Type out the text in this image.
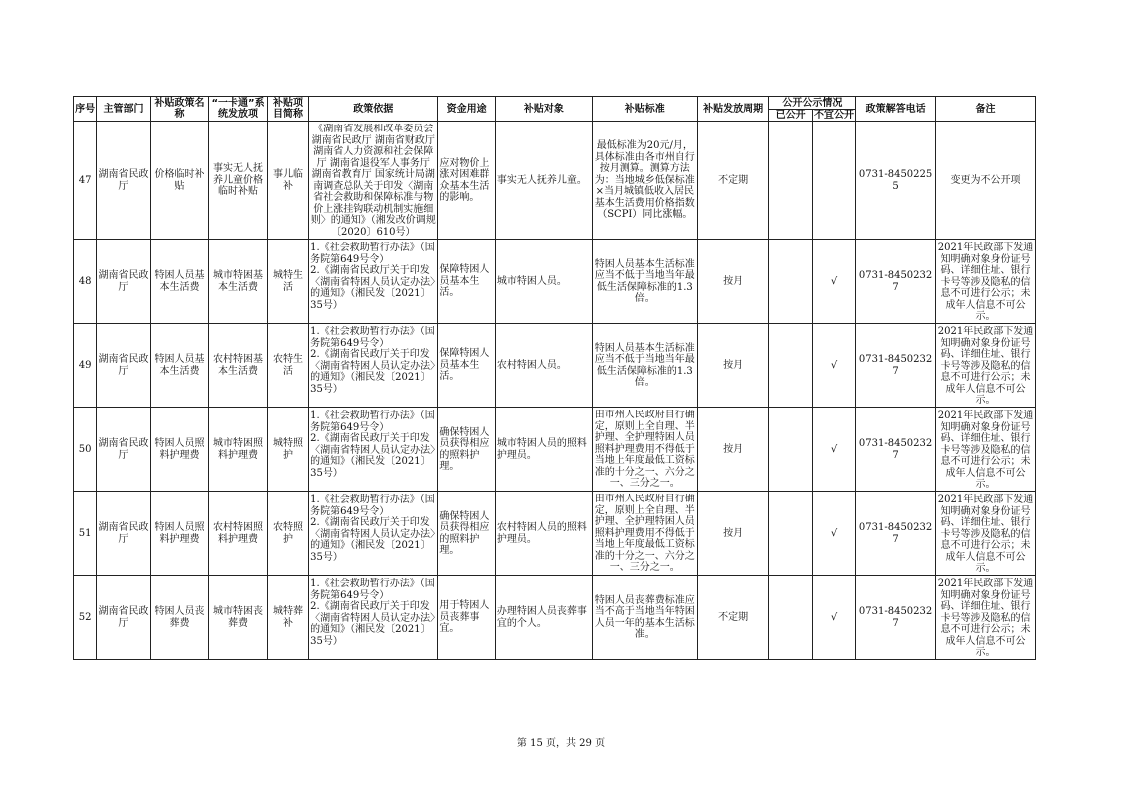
序号	主管部门	补贴政策名称	“一卡通”系统发放项	补贴项目简称	政策依据	资金用途	补贴对象	补贴标准	补贴发放周期	公开公示情况		政策解答电话	备注
										已公开	不宜公开		
47	湖南省民政厅	价格临时补贴	事实无人抚养儿童价格临时补贴	事儿临补	《湖南省发展和改革委员会 湖南省民政厅 湖南省财政厅 湖南省人力资源和社会保障厅 湖南省退役军人事务厅 湖南省教育厅 国家统计局湖南调查总队关于印发〈湖南省社会救助和保障标准与物价上涨挂钩联动机制实施细则〉的通知》（湘发改价调规〔2020〕610号）	应对物价上涨对困难群众基本生活的影响。	事实无人抚养儿童。	最低标准为20元/月，具体标准由各市州自行按月测算。测算方法为：当地城乡低保标准×当月城镇低收入居民基本生活费用价格指数（SCPI）同比涨幅。	不定期			0731-84502255	变更为不公开项
48	湖南省民政厅	特困人员基本生活费	城市特困基本生活费	城特生活	1.《社会救助暂行办法》（国务院第649号令）
2.《湖南省民政厅关于印发〈湖南省特困人员认定办法〉的通知》（湘民发〔2021〕35号）	保障特困人员基本生活。	城市特困人员。	特困人员基本生活标准应当不低于当地当年最低生活保障标准的1.3倍。	按月		√	0731-84502327	2021年民政部下发通知明确对象身份证号码、详细住址、银行卡号等涉及隐私的信息不可进行公示；未成年人信息不可公示。

49	湖南省民政厅	特困人员基本生活费	农村特困基本生活费	农特生活	1.《社会救助暂行办法》（国务院第649号令）
2.《湖南省民政厅关于印发〈湖南省特困人员认定办法〉的通知》（湘民发〔2021〕35号）	保障特困人员基本生活。	农村特困人员。	特困人员基本生活标准应当不低于当地当年最低生活保障标准的1.3倍。	按月		√	0731-84502327	2021年民政部下发通知明确对象身份证号码、详细住址、银行卡号等涉及隐私的信息不可进行公示；未成年人信息不可公示。

50	湖南省民政厅	特困人员照料护理费	城市特困照料护理费	城特照护	1.《社会救助暂行办法》（国务院第649号令）
2.《湖南省民政厅关于印发〈湖南省特困人员认定办法〉的通知》（湘民发〔2021〕35号）	确保特困人员获得相应的照料护理。	城市特困人员的照料护理员。	由市州人民政府自行确定，原则上全自理、半护理、全护理特困人员照料护理费用不得低于当地上年度最低工资标准的十分之一、六分之一、三分之一。	按月		√	0731-84502327	2021年民政部下发通知明确对象身份证号码、详细住址、银行卡号等涉及隐私的信息不可进行公示；未成年人信息不可公示。

51	湖南省民政厅	特困人员照料护理费	农村特困照料护理费	农特照护	1.《社会救助暂行办法》（国务院第649号令）
2.《湖南省民政厅关于印发〈湖南省特困人员认定办法〉的通知》（湘民发〔2021〕35号）	确保特困人员获得相应的照料护理。	农村特困人员的照料护理员。	由市州人民政府自行确定，原则上全自理、半护理、全护理特困人员照料护理费用不得低于当地上年度最低工资标准的十分之一、六分之一、三分之一。	按月		√	0731-84502327	2021年民政部下发通知明确对象身份证号码、详细住址、银行卡号等涉及隐私的信息不可进行公示；未成年人信息不可公示。

52	湖南省民政厅	特困人员丧葬费	城市特困丧葬费	城特葬补	1.《社会救助暂行办法》（国务院第649号令）
2.《湖南省民政厅关于印发〈湖南省特困人员认定办法〉的通知》（湘民发〔2021〕35号）	用于特困人员丧葬事宜。	办理特困人员丧葬事宜的个人。	特困人员丧葬费标准应当不高于当地当年特困人员一年的基本生活标准。	不定期		√	0731-84502327	2021年民政部下发通知明确对象身份证号码、详细住址、银行卡号等涉及隐私的信息不可进行公示；未成年人信息不可公示。
第 15 页，共 29 页
